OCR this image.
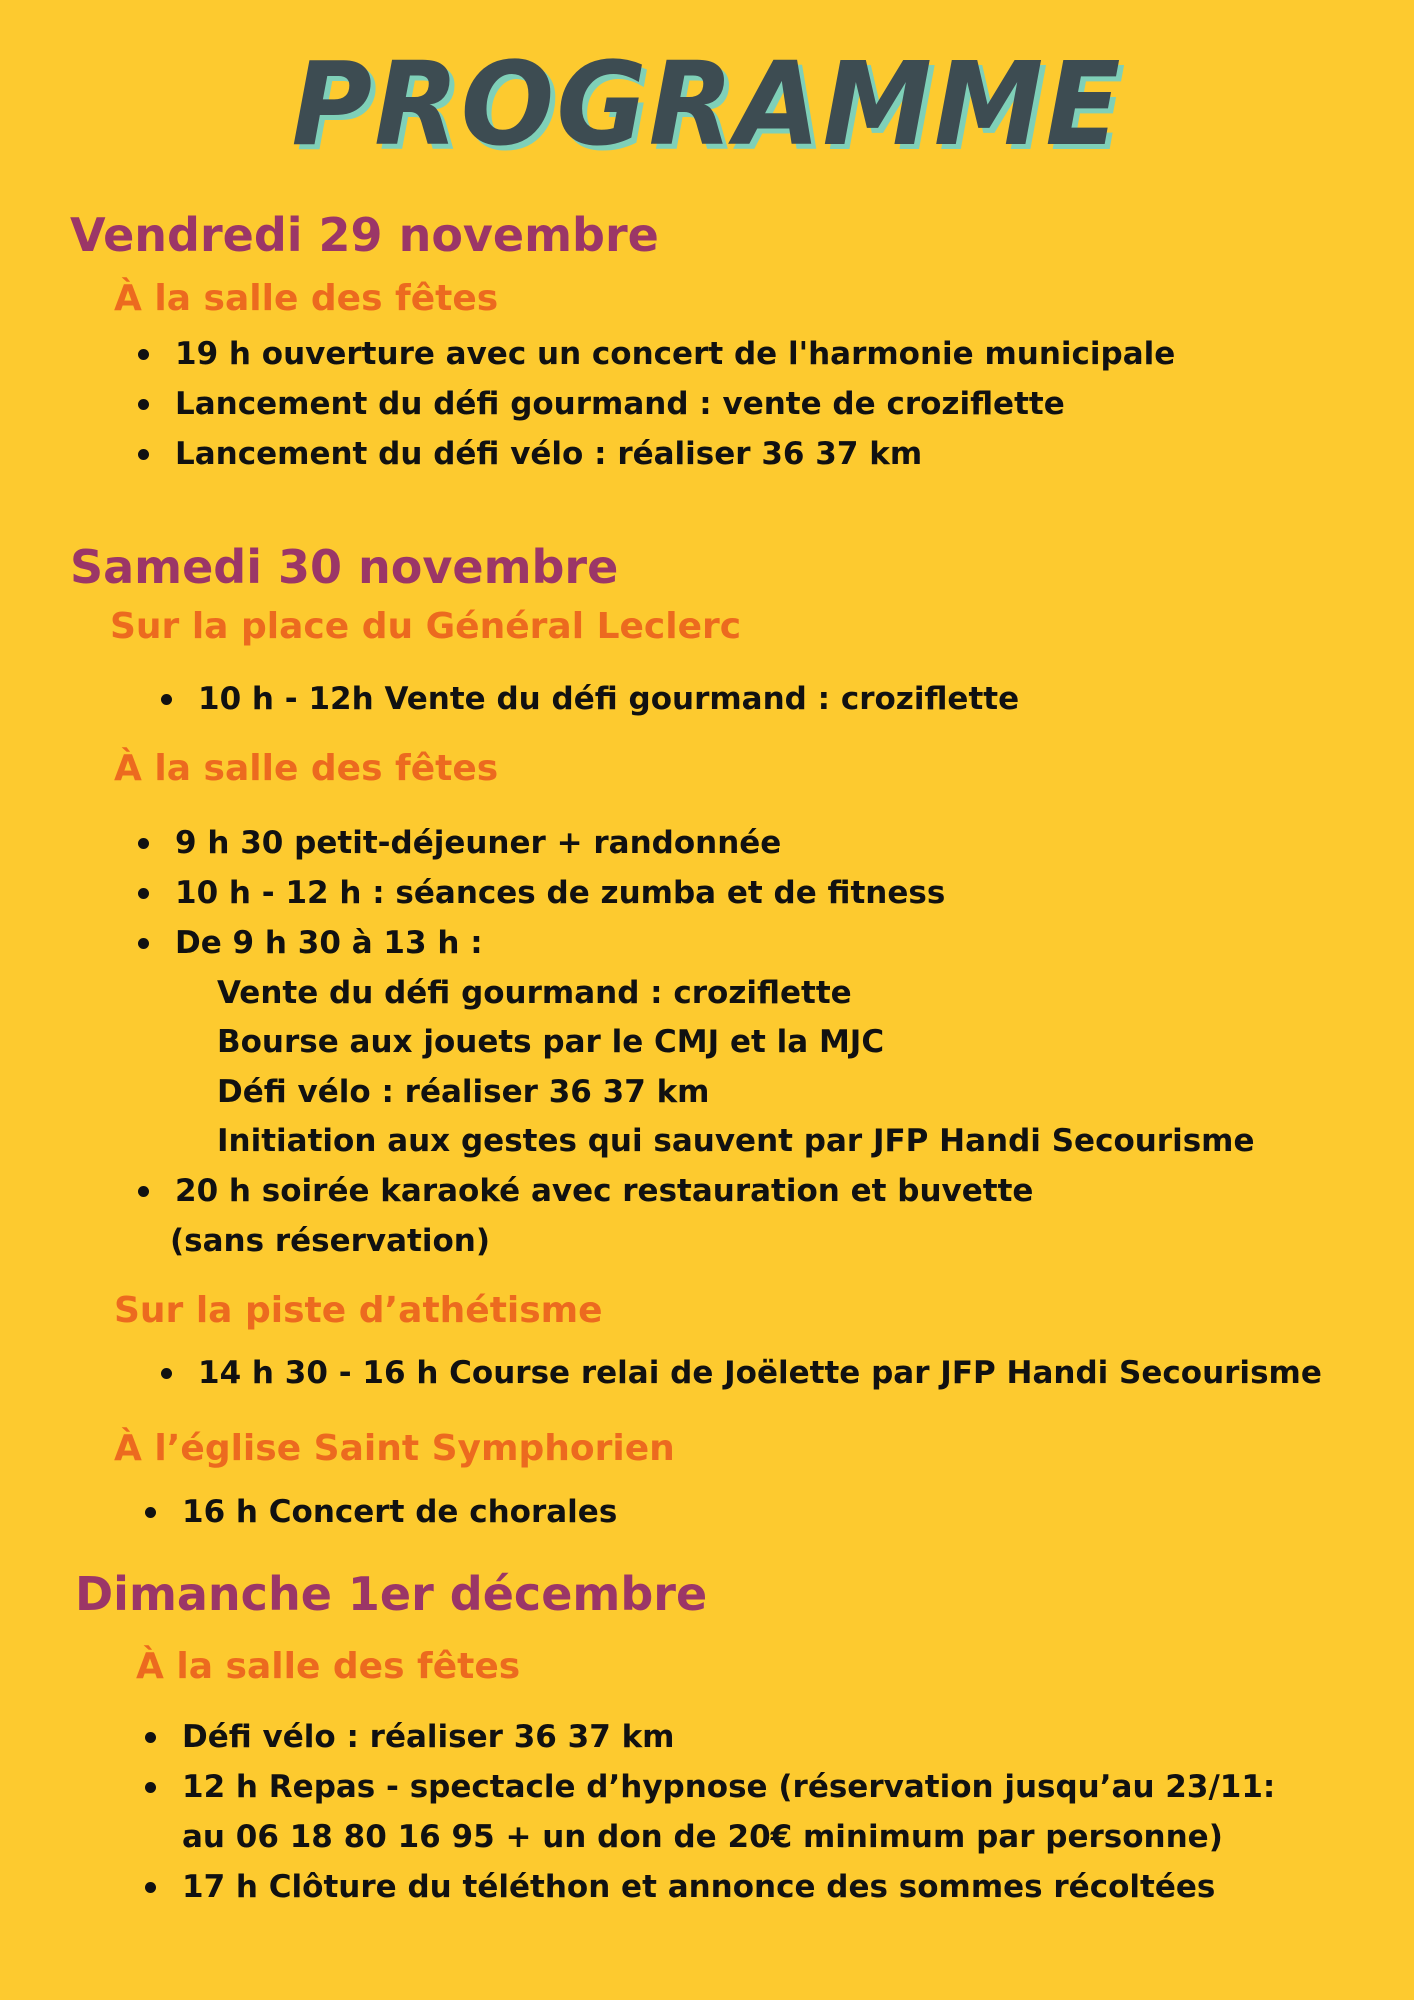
PROGRAMME
Vendredi 29 novembre
À la salle des fêtes
19 h ouverture avec un concert de l'harmonie municipale
Lancement du défi gourmand : vente de croziflette
Lancement du défi vélo : réaliser 36 37 km
Samedi 30 novembre
Sur la place du Général Leclerc
10 h - 12h Vente du défi gourmand : croziflette
À la salle des fêtes
9 h 30 petit-déjeuner + randonnée
10 h - 12 h : séances de zumba et de fitness
De 9 h 30 à 13 h :
Vente du défi gourmand : croziflette
Bourse aux jouets par le CMJ et la MJC
Défi vélo : réaliser 36 37 km
Initiation aux gestes qui sauvent par JFP Handi Secourisme
20 h soirée karaoké avec restauration et buvette
(sans réservation)
Sur la piste d’athétisme
14 h 30 - 16 h Course relai de Joëlette par JFP Handi Secourisme
À l’église Saint Symphorien
16 h Concert de chorales
Dimanche 1er décembre
À la salle des fêtes
Défi vélo : réaliser 36 37 km
12 h Repas - spectacle d’hypnose (réservation jusqu’au 23/11:
au 06 18 80 16 95 + un don de 20€ minimum par personne)
17 h Clôture du téléthon et annonce des sommes récoltées
